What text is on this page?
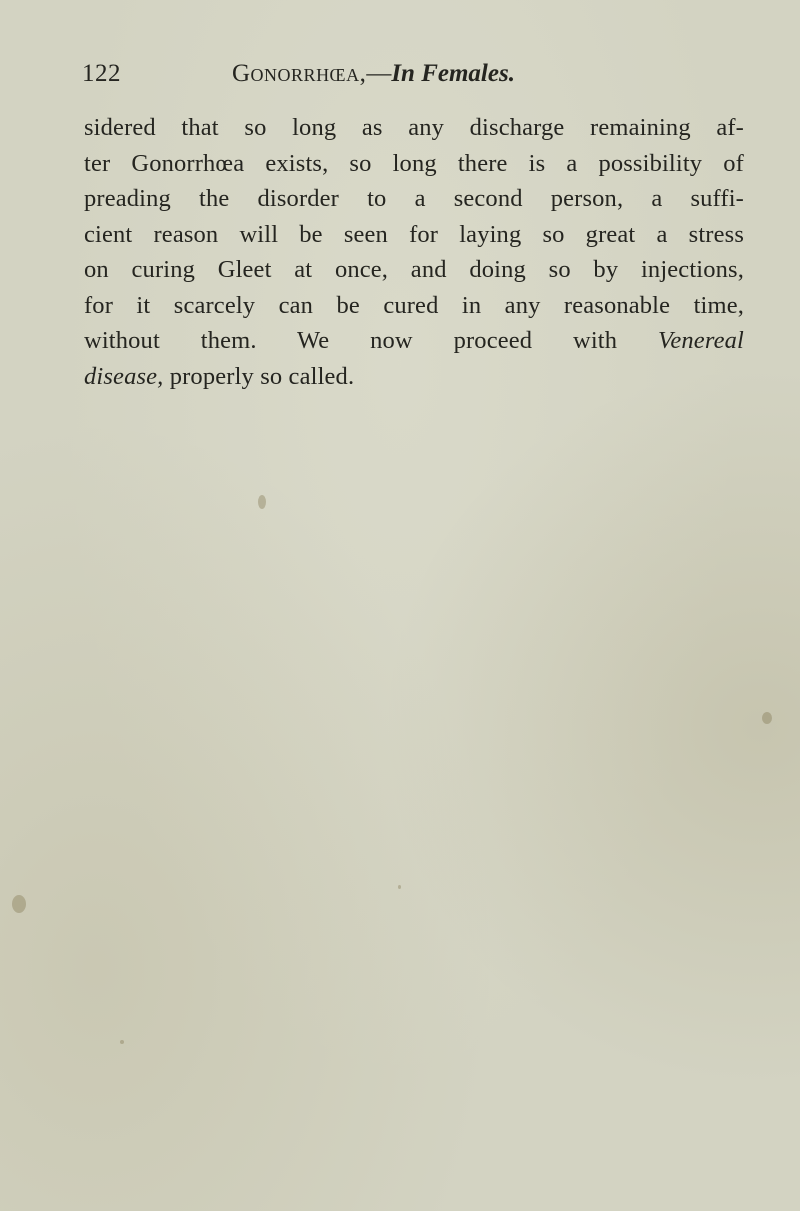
122	Gonorrhœa,—In Females.
sidered that so long as any discharge remaining af-
ter Gonorrhœa exists, so long there is a possibility of
preading the disorder to a second person, a suffi-
cient reason will be seen for laying so great a stress
on curing Gleet at once, and doing so by injections,
for it scarcely can be cured in any reasonable time,
without them. We now proceed with Venereal
disease, properly so called.
